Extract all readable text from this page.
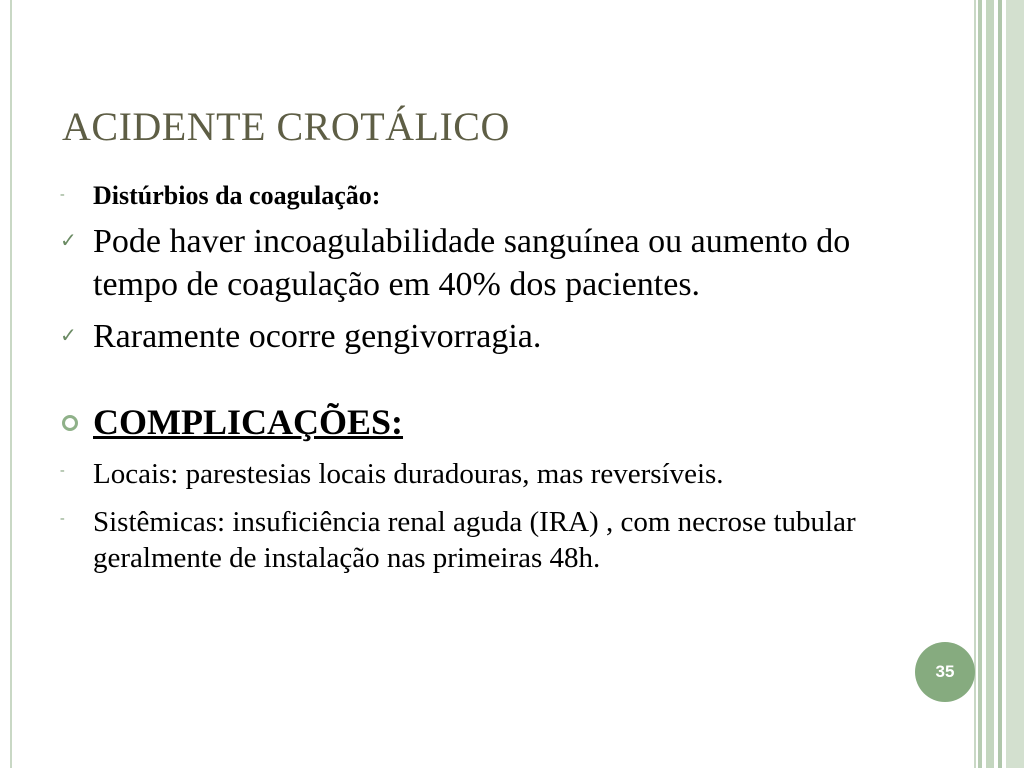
ACIDENTE CROTÁLICO
- Distúrbios da coagulação:
✓ Pode haver incoagulabilidade sanguínea ou aumento do tempo de coagulação em 40% dos pacientes.
✓ Raramente ocorre gengivorragia.
COMPLICAÇÕES:
- Locais: parestesias locais duradouras, mas reversíveis.
- Sistêmicas: insuficiência renal aguda (IRA) , com necrose tubular geralmente de instalação nas primeiras 48h.
35
